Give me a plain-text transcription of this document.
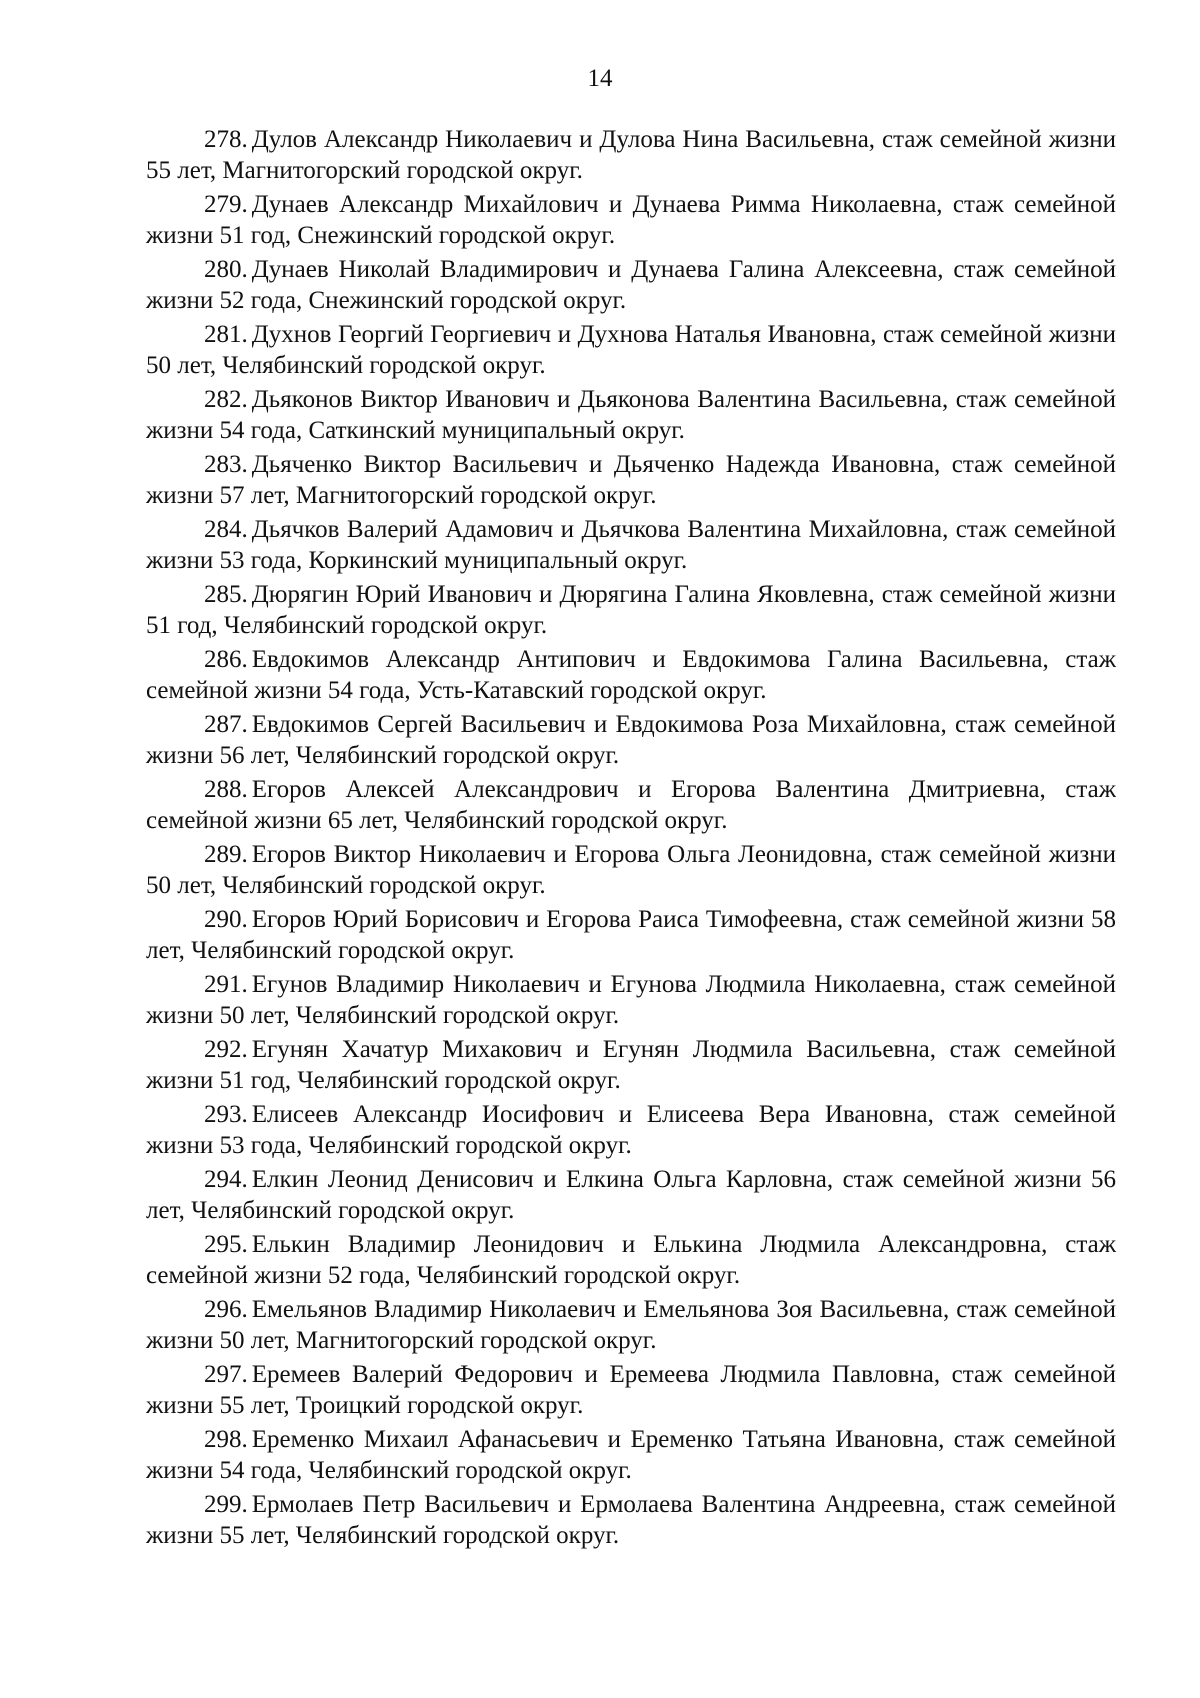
14
278. Дулов Александр Николаевич и Дулова Нина Васильевна, стаж семейной жизни 55 лет, Магнитогорский городской округ.
279. Дунаев Александр Михайлович и Дунаева Римма Николаевна, стаж семейной жизни 51 год, Снежинский городской округ.
280. Дунаев Николай Владимирович и Дунаева Галина Алексеевна, стаж семейной жизни 52 года, Снежинский городской округ.
281. Духнов Георгий Георгиевич и Духнова Наталья Ивановна, стаж семейной жизни 50 лет, Челябинский городской округ.
282. Дьяконов Виктор Иванович и Дьяконова Валентина Васильевна, стаж семейной жизни 54 года, Саткинский муниципальный округ.
283. Дьяченко Виктор Васильевич и Дьяченко Надежда Ивановна, стаж семейной жизни 57 лет, Магнитогорский городской округ.
284. Дьячков Валерий Адамович и Дьячкова Валентина Михайловна, стаж семейной жизни 53 года, Коркинский муниципальный округ.
285. Дюрягин Юрий Иванович и Дюрягина Галина Яковлевна, стаж семейной жизни 51 год, Челябинский городской округ.
286. Евдокимов Александр Антипович и Евдокимова Галина Васильевна, стаж семейной жизни 54 года, Усть-Катавский городской округ.
287. Евдокимов Сергей Васильевич и Евдокимова Роза Михайловна, стаж семейной жизни 56 лет, Челябинский городской округ.
288. Егоров Алексей Александрович и Егорова Валентина Дмитриевна, стаж семейной жизни 65 лет, Челябинский городской округ.
289. Егоров Виктор Николаевич и Егорова Ольга Леонидовна, стаж семейной жизни 50 лет, Челябинский городской округ.
290. Егоров Юрий Борисович и Егорова Раиса Тимофеевна, стаж семейной жизни 58 лет, Челябинский городской округ.
291. Егунов Владимир Николаевич и Егунова Людмила Николаевна, стаж семейной жизни 50 лет, Челябинский городской округ.
292. Егунян Хачатур Михакович и Егунян Людмила Васильевна, стаж семейной жизни 51 год, Челябинский городской округ.
293. Елисеев Александр Иосифович и Елисеева Вера Ивановна, стаж семейной жизни 53 года, Челябинский городской округ.
294. Елкин Леонид Денисович и Елкина Ольга Карловна, стаж семейной жизни 56 лет, Челябинский городской округ.
295. Елькин Владимир Леонидович и Елькина Людмила Александровна, стаж семейной жизни 52 года, Челябинский городской округ.
296. Емельянов Владимир Николаевич и Емельянова Зоя Васильевна, стаж семейной жизни 50 лет, Магнитогорский городской округ.
297. Еремеев Валерий Федорович и Еремеева Людмила Павловна, стаж семейной жизни 55 лет, Троицкий городской округ.
298. Еременко Михаил Афанасьевич и Еременко Татьяна Ивановна, стаж семейной жизни 54 года, Челябинский городской округ.
299. Ермолаев Петр Васильевич и Ермолаева Валентина Андреевна, стаж семейной жизни 55 лет, Челябинский городской округ.
